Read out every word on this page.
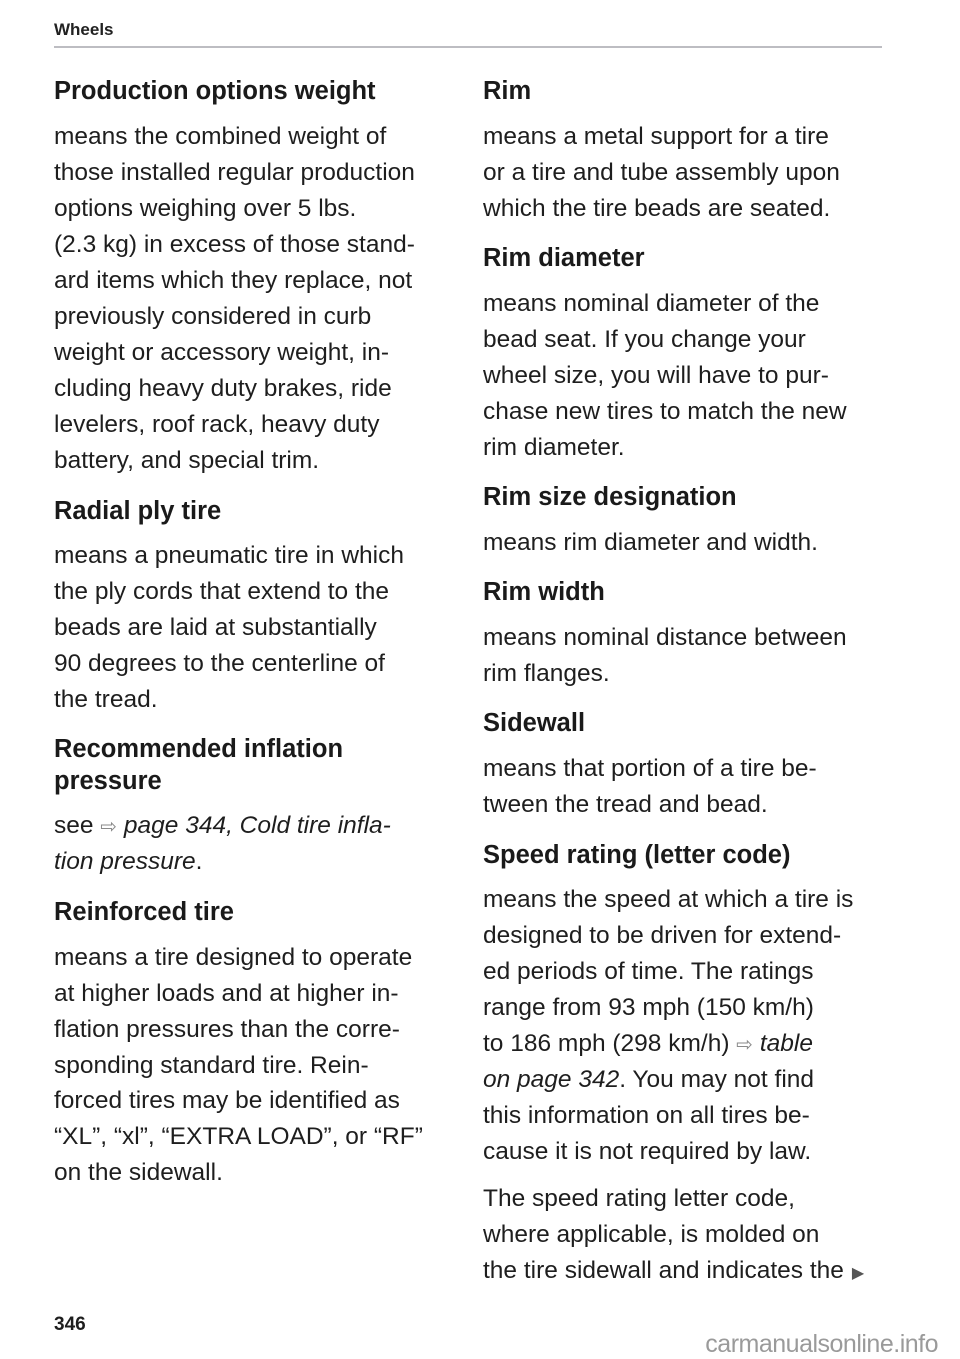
Wheels
Production options weight
means the combined weight of
those installed regular production
options weighing over 5 lbs.
(2.3 kg) in excess of those stand-
ard items which they replace, not
previously considered in curb
weight or accessory weight, in-
cluding heavy duty brakes, ride
levelers, roof rack, heavy duty
battery, and special trim.
Radial ply tire
means a pneumatic tire in which
the ply cords that extend to the
beads are laid at substantially
90 degrees to the centerline of
the tread.
Recommended inflation
pressure
see ⇨ page 344, Cold tire infla-
tion pressure.
Reinforced tire
means a tire designed to operate
at higher loads and at higher in-
flation pressures than the corre-
sponding standard tire. Rein-
forced tires may be identified as
“XL”, “xl”, “EXTRA LOAD”, or “RF”
on the sidewall.
Rim
means a metal support for a tire
or a tire and tube assembly upon
which the tire beads are seated.
Rim diameter
means nominal diameter of the
bead seat. If you change your
wheel size, you will have to pur-
chase new tires to match the new
rim diameter.
Rim size designation
means rim diameter and width.
Rim width
means nominal distance between
rim flanges.
Sidewall
means that portion of a tire be-
tween the tread and bead.
Speed rating (letter code)
means the speed at which a tire is
designed to be driven for extend-
ed periods of time. The ratings
range from 93 mph (150 km/h)
to 186 mph (298 km/h) ⇨ table
on page 342. You may not find
this information on all tires be-
cause it is not required by law.
The speed rating letter code,
where applicable, is molded on
the tire sidewall and indicates the ▶
346
carmanualsonline.info
